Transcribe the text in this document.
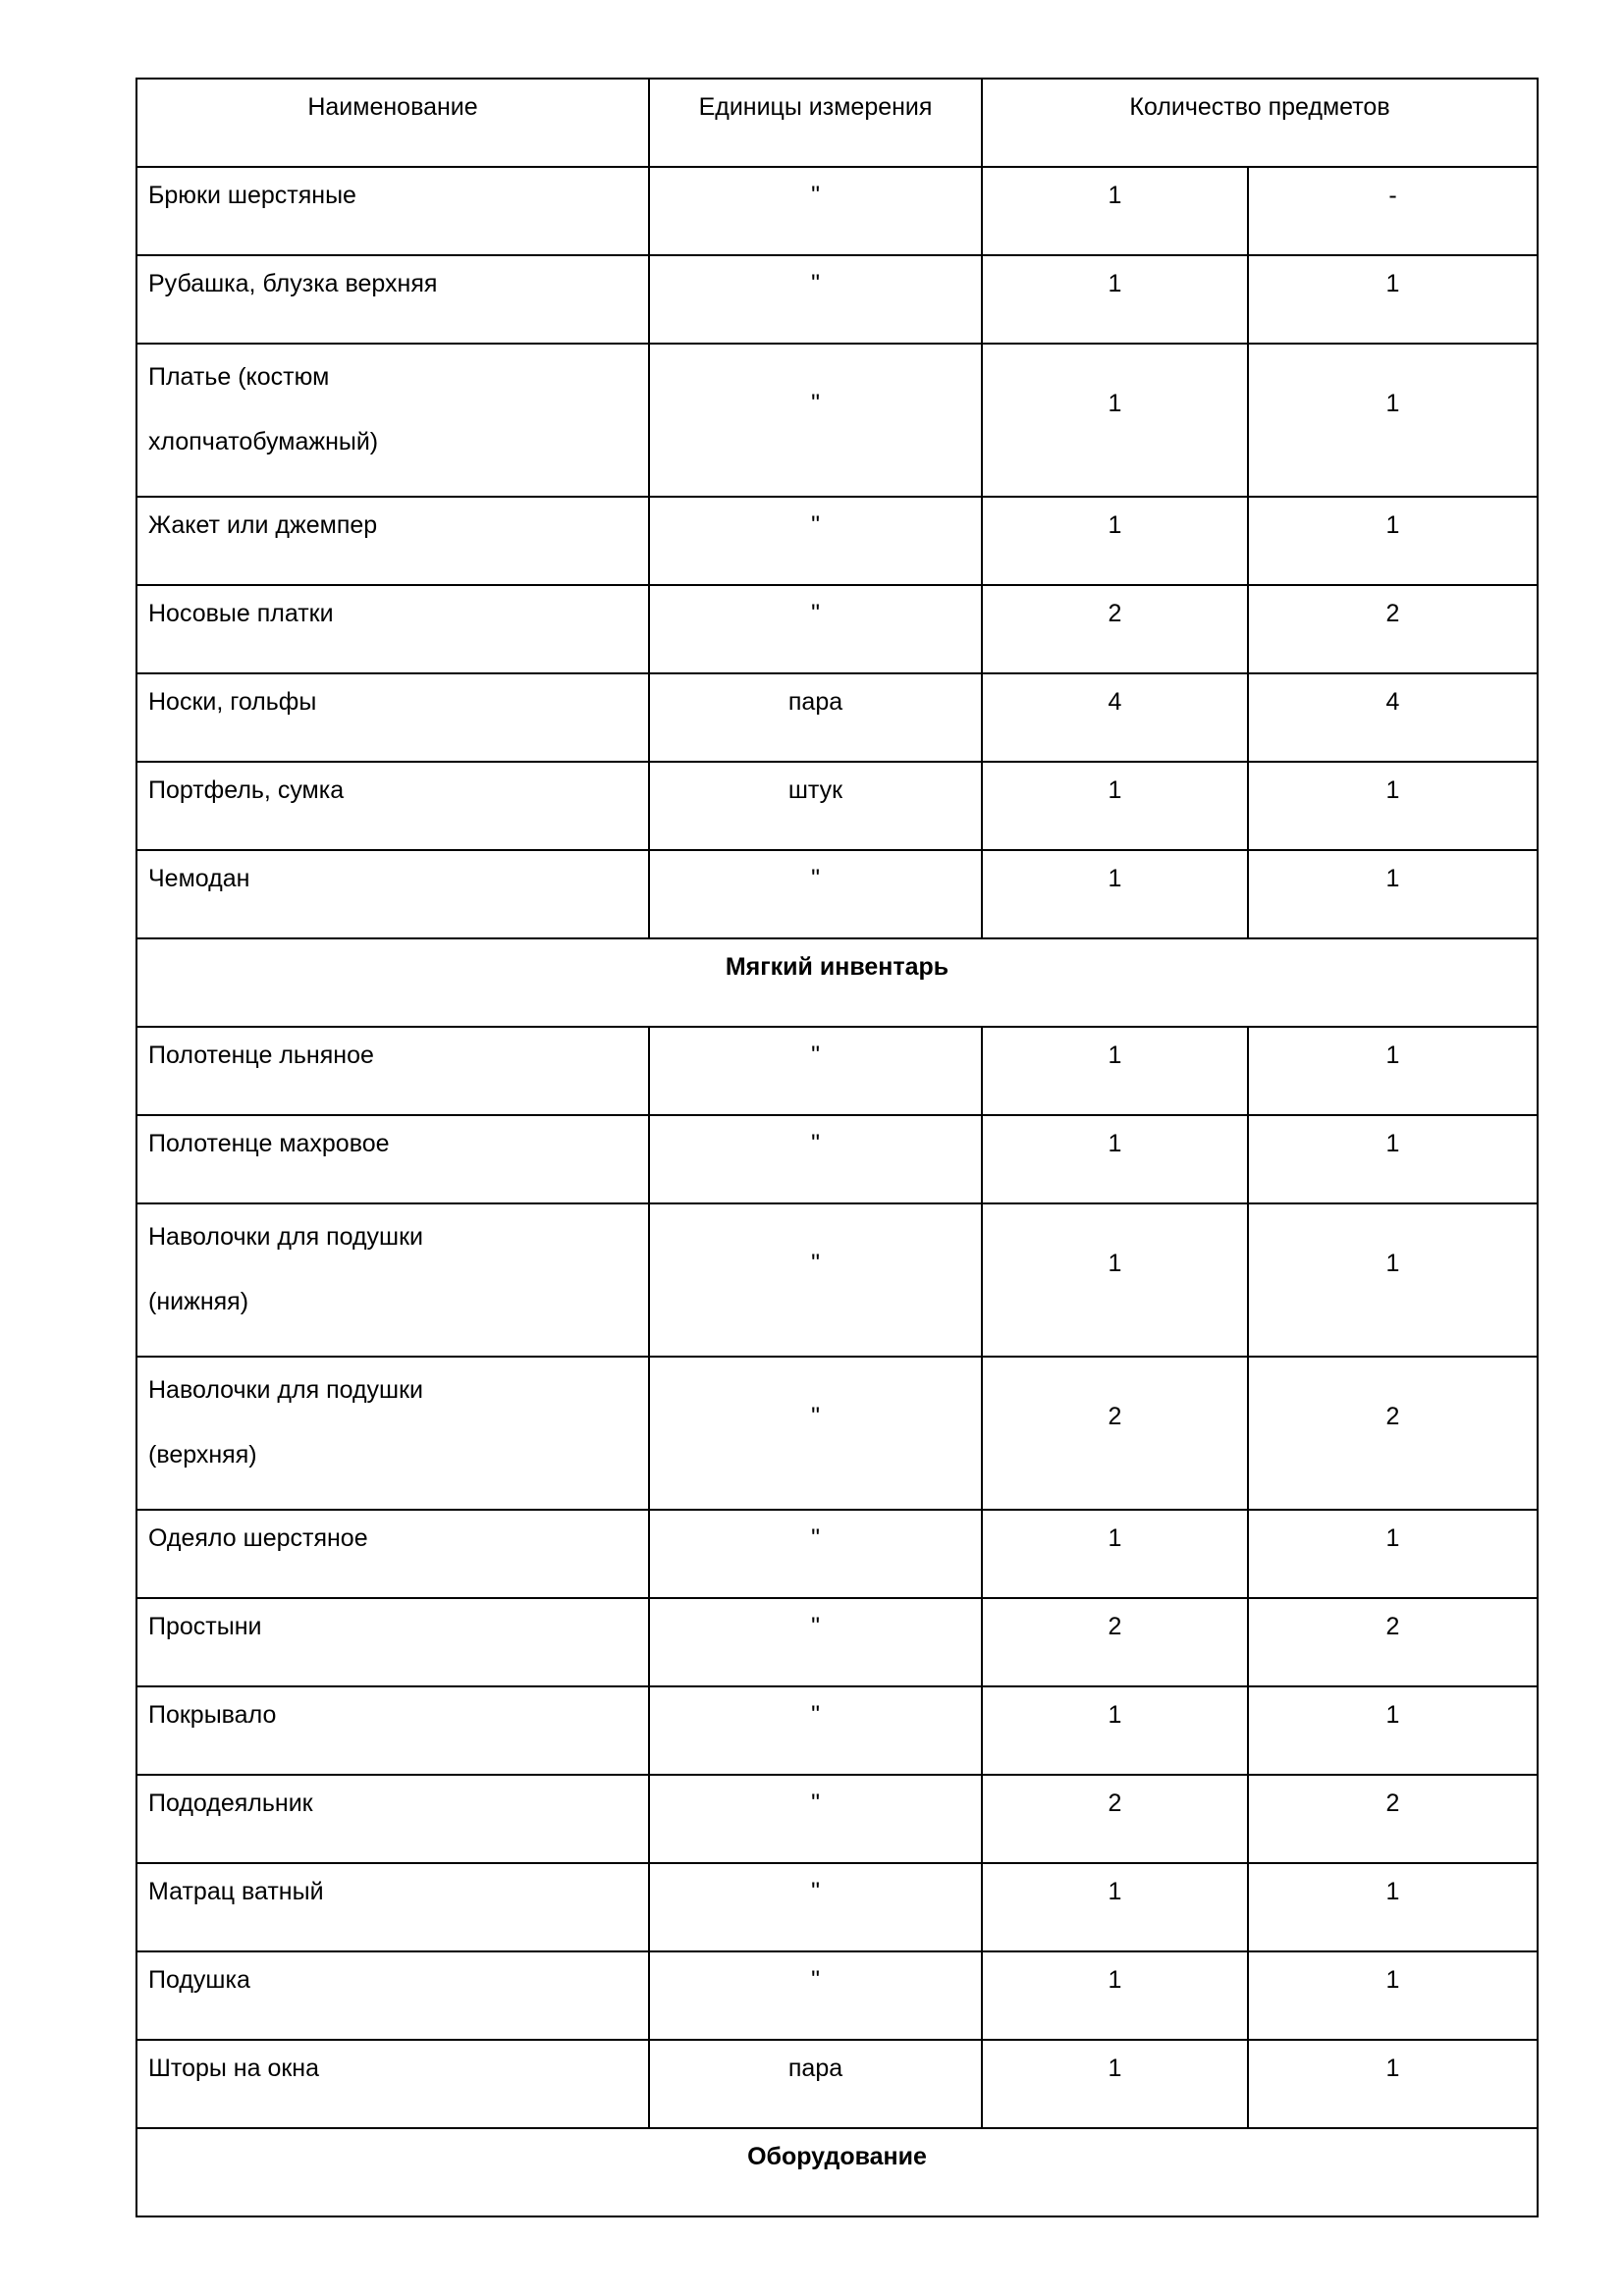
Наименование	Единицы измерения	Количество предметов	

Брюки шерстяные	"	1	-

Рубашка, блузка верхняя	"	1	1

Платье (костюм
хлопчатобумажный)	"	1	1

Жакет или джемпер	"	1	1

Носовые платки	"	2	2

Носки, гольфы	пара	4	4

Портфель, сумка	штук	1	1

Чемодан	"	1	1

Мягкий инвентарь			

Полотенце льняное	"	1	1

Полотенце махровое	"	1	1

Наволочки для подушки
(нижняя)	"	1	1

Наволочки для подушки
(верхняя)	"	2	2

Одеяло шерстяное	"	1	1

Простыни	"	2	2

Покрывало	"	1	1

Пододеяльник	"	2	2

Матрац ватный	"	1	1

Подушка	"	1	1

Шторы на окна	пара	1	1

Оборудование			
